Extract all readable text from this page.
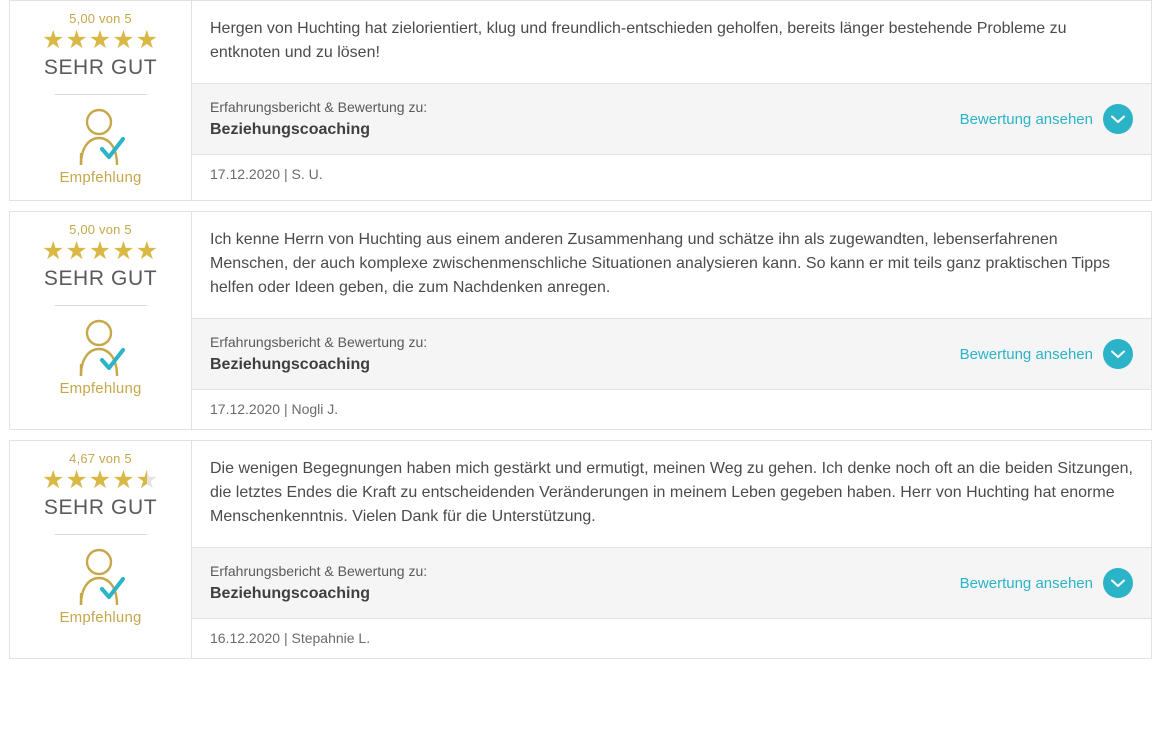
5,00 von 5
★★★★★
SEHR GUT
Empfehlung
Hergen von Huchting hat zielorientiert, klug und freundlich-entschieden geholfen, bereits länger bestehende Probleme zu entknoten und zu lösen!
Erfahrungsbericht & Bewertung zu:
Beziehungscoaching
Bewertung ansehen
17.12.2020 | S. U.
5,00 von 5
★★★★★
SEHR GUT
Empfehlung
Ich kenne Herrn von Huchting aus einem anderen Zusammenhang und schätze ihn als zugewandten, lebenserfahrenen Menschen, der auch komplexe zwischenmenschliche Situationen analysieren kann. So kann er mit teils ganz praktischen Tipps helfen oder Ideen geben, die zum Nachdenken anregen.
Erfahrungsbericht & Bewertung zu:
Beziehungscoaching
Bewertung ansehen
17.12.2020 | Nogli J.
4,67 von 5
★★★★★ ★
SEHR GUT
Empfehlung
Die wenigen Begegnungen haben mich gestärkt und ermutigt, meinen Weg zu gehen. Ich denke noch oft an die beiden Sitzungen, die letztes Endes die Kraft zu entscheidenden Veränderungen in meinem Leben gegeben haben. Herr von Huchting hat enorme Menschenkenntnis. Vielen Dank für die Unterstützung.
Erfahrungsbericht & Bewertung zu:
Beziehungscoaching
Bewertung ansehen
16.12.2020 | Stepahnie L.
